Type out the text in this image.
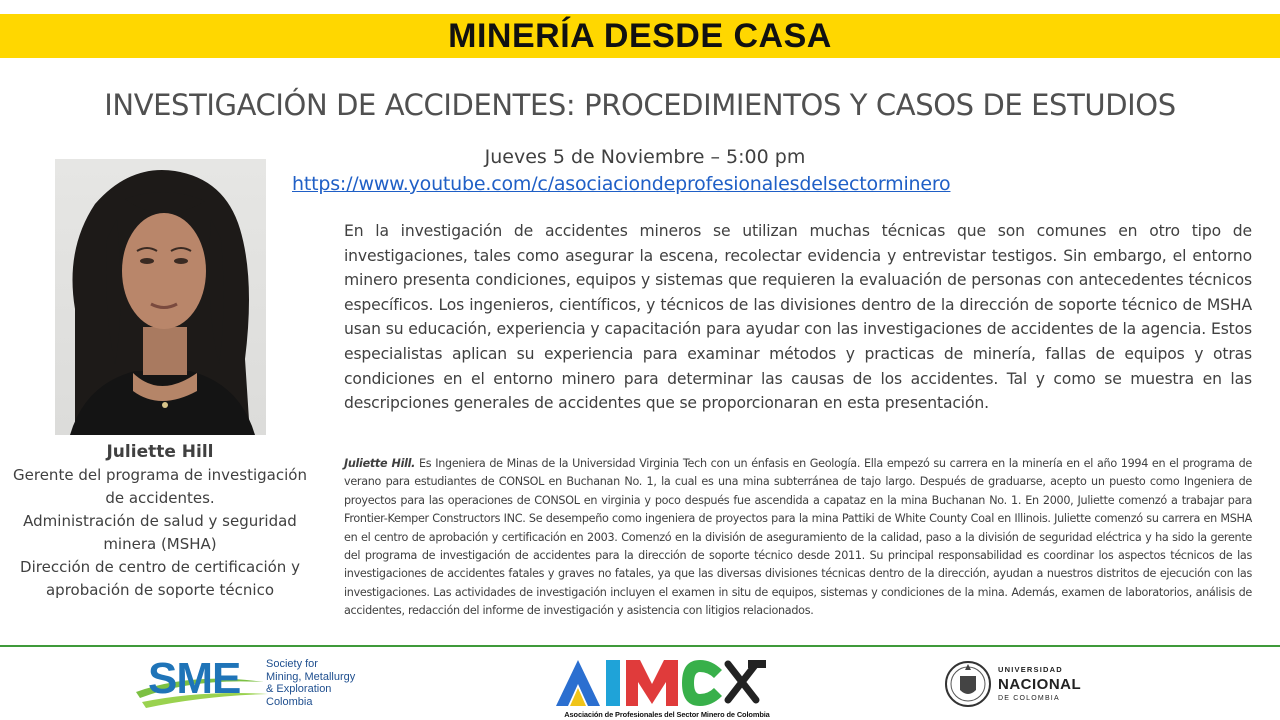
MINERÍA DESDE CASA
INVESTIGACIÓN DE ACCIDENTES: PROCEDIMIENTOS Y CASOS DE ESTUDIOS
Jueves 5 de Noviembre – 5:00 pm
https://www.youtube.com/c/asociaciondeprofesionalesdelsectorminero
Juliette Hill
Gerente del programa de investigación
de accidentes.
Administración de salud y seguridad
minera (MSHA)
Dirección de centro de certificación y
aprobación de soporte técnico

En la investigación de accidentes mineros se utilizan muchas técnicas que son comunes en otro tipo de investigaciones, tales como asegurar la escena, recolectar evidencia y entrevistar testigos. Sin embargo, el entorno minero presenta condiciones, equipos y sistemas que requieren la evaluación de personas con antecedentes técnicos específicos. Los ingenieros, científicos, y técnicos de las divisiones dentro de la dirección de soporte técnico de MSHA usan su educación, experiencia y capacitación para ayudar con las investigaciones de accidentes de la agencia. Estos especialistas aplican su experiencia para examinar métodos y practicas de minería, fallas de equipos y otras condiciones en el entorno minero para determinar las causas de los accidentes. Tal y como se muestra en las descripciones generales de accidentes que se proporcionaran en esta presentación.

Juliette Hill. Es Ingeniera de Minas de la Universidad Virginia Tech con un énfasis en Geología. Ella empezó su carrera en la minería en el año 1994 en el programa de verano para estudiantes de CONSOL en Buchanan No. 1, la cual es una mina subterránea de tajo largo. Después de graduarse, acepto un puesto como Ingeniera de proyectos para las operaciones de CONSOL en virginia y poco después fue ascendida a capataz en la mina Buchanan No. 1. En 2000, Juliette comenzó a trabajar para Frontier-Kemper Constructors INC. Se desempeño como ingeniera de proyectos para la mina Pattiki de White County Coal en Illinois. Juliette comenzó su carrera en MSHA en el centro de aprobación y certificación en 2003. Comenzó en la división de aseguramiento de la calidad, paso a la división de seguridad eléctrica y ha sido la gerente del programa de investigación de accidentes para la dirección de soporte técnico desde 2011. Su principal responsabilidad es coordinar los aspectos técnicos de las investigaciones de accidentes fatales y graves no fatales, ya que las diversas divisiones técnicas dentro de la dirección, ayudan a nuestros distritos de ejecución con las investigaciones. Las actividades de investigación incluyen el examen in situ de equipos, sistemas y condiciones de la mina. Además, examen de laboratorios, análisis de accidentes, redacción del informe de investigación y asistencia con litigios relacionados.

SME Society for
Mining, Metallurgy
& Exploration
Colombia
Asociación de Profesionales del Sector Minero de Colombia
UNIVERSIDAD
NACIONAL
DE COLOMBIA
